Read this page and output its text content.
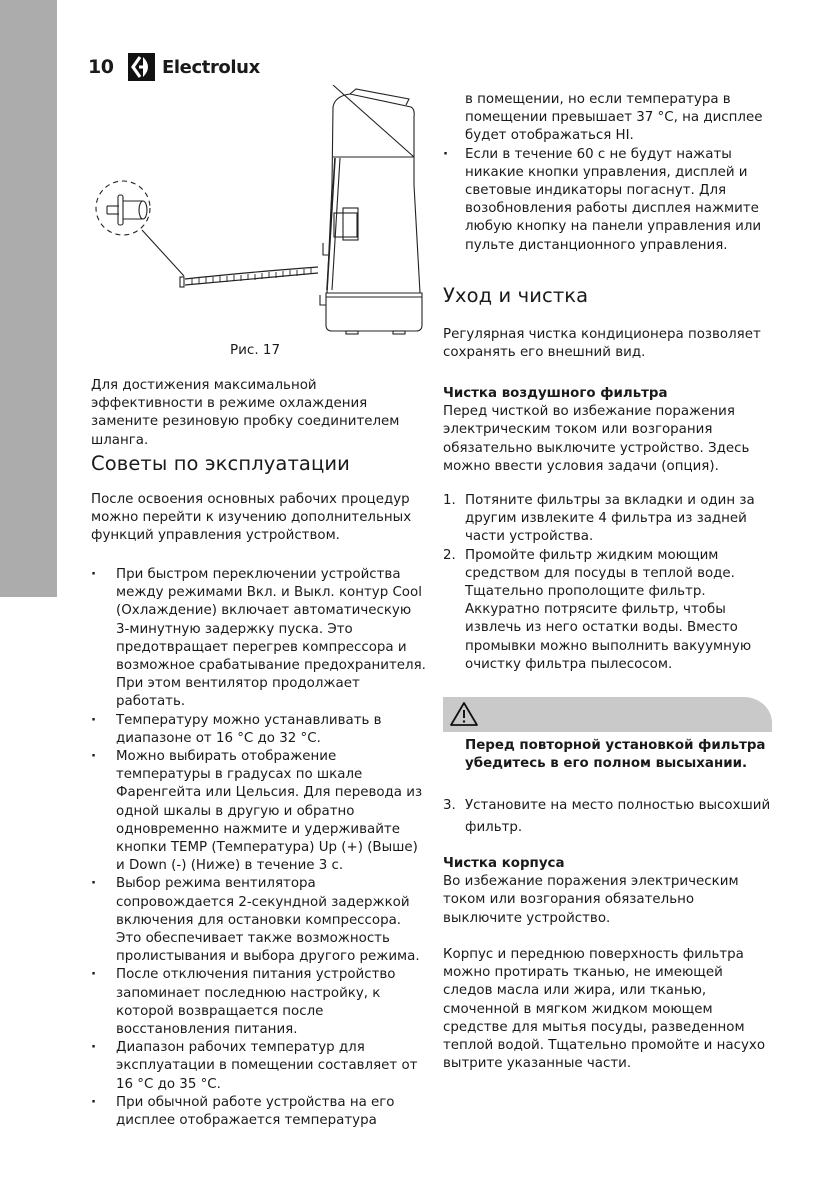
10	Electrolux
Рис. 17

Для достижения максимальной эффективности в режиме охлаждения замените резиновую пробку соединителем шланга.

Советы по эксплуатации

После освоения основных рабочих процедур можно перейти к изучению дополнительных функций управления устройством.

· При быстром переключении устройства между режимами Вкл. и Выкл. контур Cool (Охлаждение) включает автоматическую 3-минутную задержку пуска. Это предотвращает перегрев компрессора и возможное срабатывание предохранителя. При этом вентилятор продолжает работать.
· Температуру можно устанавливать в диапазоне от 16 °C до 32 °C.
· Можно выбирать отображение температуры в градусах по шкале Фаренгейта или Цельсия. Для перевода из одной шкалы в другую и обратно одновременно нажмите и удерживайте кнопки TEMP (Температура) Up (+) (Выше) и Down (-) (Ниже) в течение 3 с.
· Выбор режима вентилятора сопровождается 2-секундной задержкой включения для остановки компрессора. Это обеспечивает также возможность пролистывания и выбора другого режима.
· После отключения питания устройство запоминает последнюю настройку, к которой возвращается после восстановления питания.
· Диапазон рабочих температур для эксплуатации в помещении составляет от 16 °C до 35 °C.
· При обычной работе устройства на его дисплее отображается температура

в помещении, но если температура в помещении превышает 37 °C, на дисплее будет отображаться HI.

· Если в течение 60 с не будут нажаты никакие кнопки управления, дисплей и световые индикаторы погаснут. Для возобновления работы дисплея нажмите любую кнопку на панели управления или пульте дистанционного управления.
Уход и чистка

Регулярная чистка кондиционера позволяет сохранять его внешний вид.

Чистка воздушного фильтра

Перед чисткой во избежание поражения электрическим током или возгорания обязательно выключите устройство. Здесь можно ввести условия задачи (опция).

1. Потяните фильтры за вкладки и один за другим извлеките 4 фильтра из задней части устройства.
2. Промойте фильтр жидким моющим средством для посуды в теплой воде. Тщательно прополощите фильтр. Аккуратно потрясите фильтр, чтобы извлечь из него остатки воды. Вместо промывки можно выполнить вакуумную очистку фильтра пылесосом.

Перед повторной установкой фильтра убедитесь в его полном высыхании.

3. Установите на место полностью высохший фильтр.

Чистка корпуса

Во избежание поражения электрическим током или возгорания обязательно выключите устройство.

Корпус и переднюю поверхность фильтра можно протирать тканью, не имеющей следов масла или жира, или тканью, смоченной в мягком жидком моющем средстве для мытья посуды, разведенном теплой водой. Тщательно промойте и насухо вытрите указанные части.
